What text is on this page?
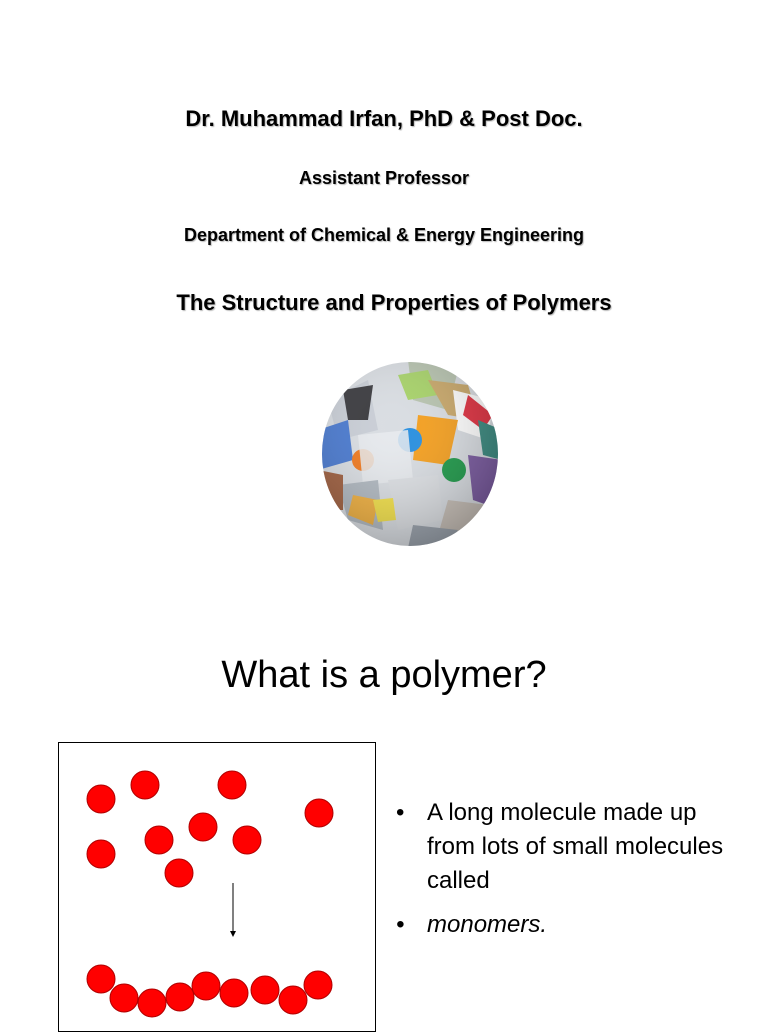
Dr. Muhammad Irfan, PhD & Post Doc.
Assistant Professor
Department of Chemical & Energy Engineering
The Structure and Properties of Polymers
What is a polymer?
• A long molecule made up from lots of small molecules called
• monomers.
